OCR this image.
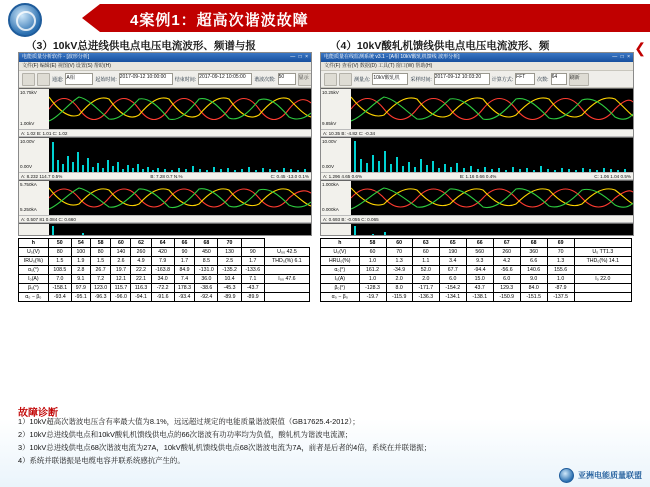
4案例1：超高次谐波故障
❮
（3）10kV总进线供电点电压电流波形、频谱与报	（4）10kV酸轧机馈线供电点电压电流波形、频
电能质量分析软件 - [波形分析]	— □ ×
文件(F) 编辑(E) 视图(V) 设置(S) 帮助(H)
通道: A相	起始时间: 2017-09-12 10:00:00	结束时间: 2017-09-12 10:05:00	谐波次数: 50	显示
10.75kV
1.00kV
A: 1.02 B: 1.01 C: 1.02
10.00V
0.00V
A: 8.232 114.7 0.5%	B: 7.28 0.7 N.%	C: 0.45 -13.0 0.1%
5.750kA
5.250kA
A: 0.507 81 0.084 C: 0.660
电能质量在线监测系统 v3.1 - [A相 10kV酸轧机馈线 波形分析]	— □ ×
文件(F) 查看(V) 数据(D) 工具(T) 窗口(W) 帮助(H)
测量点: 10kV酸轧机	采样时间: 2017-09-12 10:03:20	计算方式: FFT	次数: 64	刷新
10.25kV
9.85kV
A: 10.35 B: -4.82 C: -0.34
10.00V
0.00V
A: 1.296 4.65 0.6%	B: 1.16 0.66 0.4%	C: 1.06 1.04 0.5%
1.000kA
0.000kA
A: 0.693 B: -0.055 C: 0.065
h	50	54	58	60	62	64	66	68	70		
U₀(V)	80	100	80	140	260	420	90	450	130	90	U₀₀ 42.5
IRU₀(%)	1.5	1.9	1.5	2.6	4.9	7.9	1.7	8.5	2.5	1.7	THD₀(%) 6.1
α₀(°)	108.5	2.8	26.7	19.7	22.2	-163.8	84.9	-131.0	-135.2	-133.6	
I₀(A)	7.0	9.1	7.2	12.1	22.1	34.0	7.4	36.0	10.4	7.1	I₀₀ 47.6
β₀(°)	-158.1	97.9	123.0	115.7	116.3	-72.2	178.3	-38.6	-45.3	-43.7	
α₀ − β₀	-93.4	-95.1	-96.3	-96.0	-94.1	-91.6	-93.4	-92.4	-89.9	-89.9	
h	58	60	63	65	66	67	68	69	
U₀(V)	60	70	60	190	560	260	360	70	U₀ TT1.3
HRU₀(%)	1.0	1.3	1.1	3.4	9.3	4.2	6.6	1.3	THD₀(%) 14.1
α₀(°)	161.2	-34.9	52.0	67.7	-94.4	-56.6	140.6	155.6	
I₀(A)	1.0	2.0	2.0	6.0	15.0	6.0	9.0	1.0	I₀ 22.0
β₀(°)	-128.3	8.0	-171.7	-154.2	43.7	129.3	84.0	-87.9	
α₀ − β₀	-19.7	-115.9	-136.3	-134.1	-138.1	-150.9	-151.5	-137.5	
故障诊断
1）10kV超高次谐波电压含有率最大值为8.1%，远远超过规定的电能质量谐波限值（GB17625.4-2012）；
2）10kV总进线供电点和10kV酸轧机馈线供电点的66次谐波有功功率均为负值，酸轧机为谐波电流源；
3）10kV总进线供电点68次谐波电流为27A，10kV酸轧机馈线供电点68次谐波电流为7A，前者是后者的4倍，系统在并联谐振；
4）系统并联谐振是电缆电容并联系统感抗产生的。
亚洲电能质量联盟
